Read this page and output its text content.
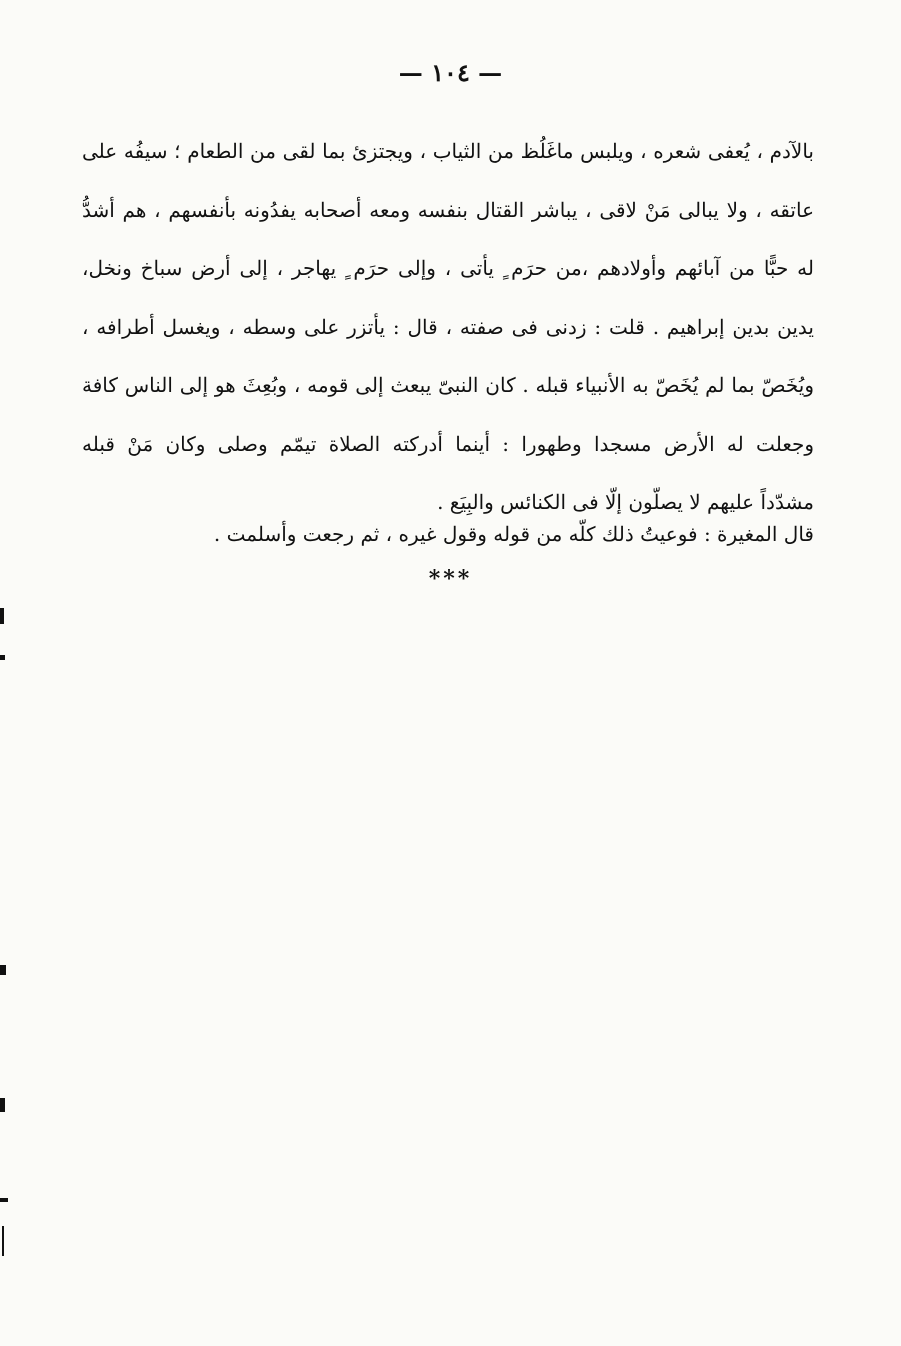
— ١٠٤ —
بالآدم ، يُعفى شعره ، ويلبس ماغَلُظ من الثياب ، ويجتزئ بما لقى من الطعام ؛ سيفُه على
عاتقه ، ولا يبالى مَنْ لاقى ، يباشر القتال بنفسه ومعه أصحابه يفدُونه بأنفسهم ، هم أشدُّ
له حبًّا من آبائهم وأولادهم ،من حرَم ٍ يأتى ، وإلى حرَم ٍ يهاجر ، إلى أرض سباخ ونخل،
يدين بدين إبراهيم . قلت : زدنى فى صفته ، قال : يأتزر على وسطه ، ويغسل أطرافه ،
ويُخَصّ بما لم يُخَصّ به الأنبياء قبله . كان النبىّ يبعث إلى قومه ، وبُعِثَ هو إلى الناس كافة
وجعلت له الأرض مسجدا وطهورا : أينما أدركته الصلاة تيمّم وصلى وكان مَنْ قبله
مشدّداً عليهم لا يصلّون إلّا فى الكنائس والبِيَع .
قال المغيرة : فوعيتُ ذلك كلّه من قوله وقول غيره ، ثم رجعت وأسلمت .
***
